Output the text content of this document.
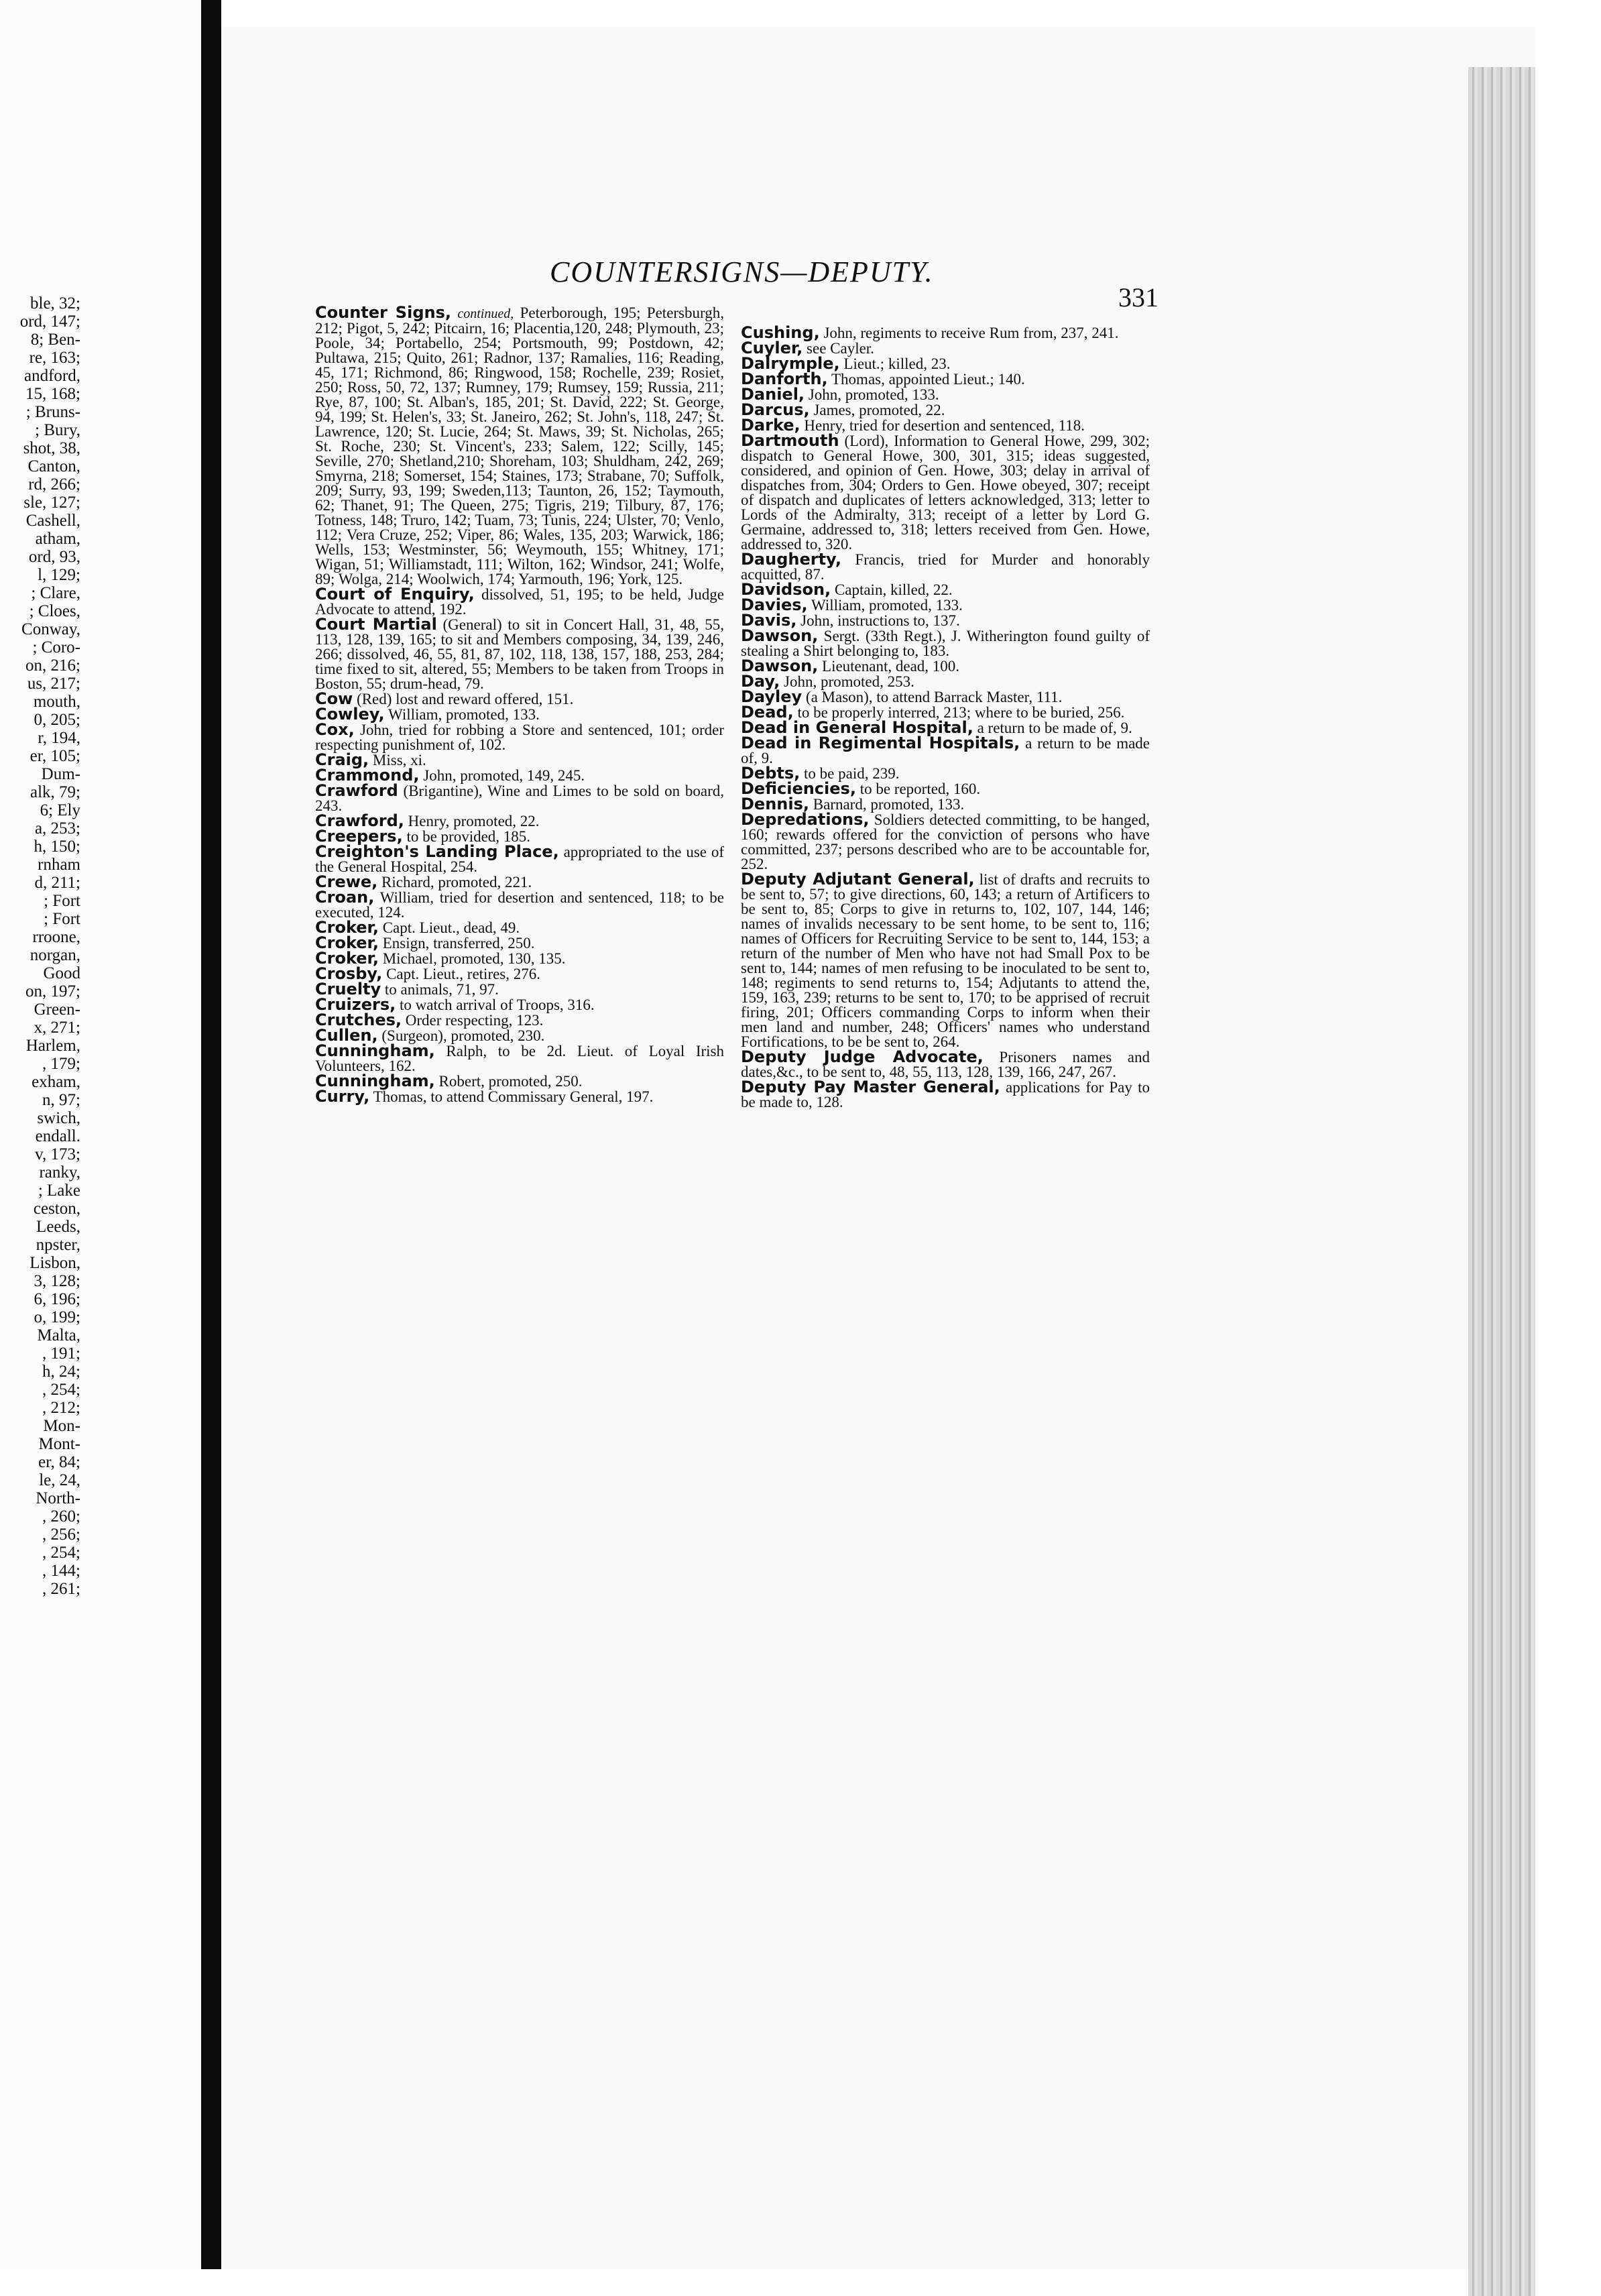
ble, 32;
ord, 147;
8; Ben-
re, 163;
andford,
15, 168;
; Bruns-
; Bury,
shot, 38,
Canton,
rd, 266;
sle, 127;
Cashell,
atham,
ord, 93,
l, 129;
; Clare,
; Cloes,
Conway,
; Coro-
on, 216;
us, 217;
mouth,
0, 205;
r, 194,
er, 105;
Dum-
alk, 79;
6; Ely
a, 253;
h, 150;
rnham
d, 211;
; Fort
; Fort
rroone,
norgan,
Good
on, 197;
Green-
x, 271;
Harlem,
, 179;
exham,
n, 97;
swich,
endall.
v, 173;
ranky,
; Lake
ceston,
Leeds,
npster,
Lisbon,
3, 128;
6, 196;
o, 199;
Malta,
, 191;
h, 24;
, 254;
, 212;
Mon-
Mont-
er, 84;
le, 24,
North-
, 260;
, 256;
, 254;
, 144;
, 261;
COUNTERSIGNS—DEPUTY.
331
Counter Signs, continued, Peterborough, 195; Petersburgh, 212; Pigot, 5, 242; Pitcairn, 16; Placentia,120, 248; Plymouth, 23; Poole, 34; Portabello, 254; Portsmouth, 99; Postdown, 42; Pultawa, 215; Quito, 261; Radnor, 137; Ramalies, 116; Reading, 45, 171; Richmond, 86; Ringwood, 158; Rochelle, 239; Rosiet, 250; Ross, 50, 72, 137; Rumney, 179; Rumsey, 159; Russia, 211; Rye, 87, 100; St. Alban's, 185, 201; St. David, 222; St. George, 94, 199; St. Helen's, 33; St. Janeiro, 262; St. John's, 118, 247; St. Lawrence, 120; St. Lucie, 264; St. Maws, 39; St. Nicholas, 265; St. Roche, 230; St. Vincent's, 233; Salem, 122; Scilly, 145; Seville, 270; Shetland,210; Shoreham, 103; Shuldham, 242, 269; Smyrna, 218; Somerset, 154; Staines, 173; Strabane, 70; Suffolk, 209; Surry, 93, 199; Sweden,113; Taunton, 26, 152; Taymouth, 62; Thanet, 91; The Queen, 275; Tigris, 219; Tilbury, 87, 176; Totness, 148; Truro, 142; Tuam, 73; Tunis, 224; Ulster, 70; Venlo, 112; Vera Cruze, 252; Viper, 86; Wales, 135, 203; Warwick, 186; Wells, 153; Westminster, 56; Weymouth, 155; Whitney, 171; Wigan, 51; Williamstadt, 111; Wilton, 162; Windsor, 241; Wolfe, 89; Wolga, 214; Woolwich, 174; Yarmouth, 196; York, 125.
Court of Enquiry, dissolved, 51, 195; to be held, Judge Advocate to attend, 192.
Court Martial (General) to sit in Concert Hall, 31, 48, 55, 113, 128, 139, 165; to sit and Members composing, 34, 139, 246, 266; dissolved, 46, 55, 81, 87, 102, 118, 138, 157, 188, 253, 284; time fixed to sit, altered, 55; Members to be taken from Troops in Boston, 55; drum-head, 79.
Cow (Red) lost and reward offered, 151.
Cowley, William, promoted, 133.
Cox, John, tried for robbing a Store and sentenced, 101; order respecting punishment of, 102.
Craig, Miss, xi.
Crammond, John, promoted, 149, 245.
Crawford (Brigantine), Wine and Limes to be sold on board, 243.
Crawford, Henry, promoted, 22.
Creepers, to be provided, 185.
Creighton's Landing Place, appropriated to the use of the General Hospital, 254.
Crewe, Richard, promoted, 221.
Croan, William, tried for desertion and sentenced, 118; to be executed, 124.
Croker, Capt. Lieut., dead, 49.
Croker, Ensign, transferred, 250.
Croker, Michael, promoted, 130, 135.
Crosby, Capt. Lieut., retires, 276.
Cruelty to animals, 71, 97.
Cruizers, to watch arrival of Troops, 316.
Crutches, Order respecting, 123.
Cullen, (Surgeon), promoted, 230.
Cunningham, Ralph, to be 2d. Lieut. of Loyal Irish Volunteers, 162.
Cunningham, Robert, promoted, 250.
Curry, Thomas, to attend Commissary General, 197.
Cushing, John, regiments to receive Rum from, 237, 241.
Cuyler, see Cayler.
Dalrymple, Lieut.; killed, 23.
Danforth, Thomas, appointed Lieut.; 140.
Daniel, John, promoted, 133.
Darcus, James, promoted, 22.
Darke, Henry, tried for desertion and sentenced, 118.
Dartmouth (Lord), Information to General Howe, 299, 302; dispatch to General Howe, 300, 301, 315; ideas suggested, considered, and opinion of Gen. Howe, 303; delay in arrival of dispatches from, 304; Orders to Gen. Howe obeyed, 307; receipt of dispatch and duplicates of letters acknowledged, 313; letter to Lords of the Admiralty, 313; receipt of a letter by Lord G. Germaine, addressed to, 318; letters received from Gen. Howe, addressed to, 320.
Daugherty, Francis, tried for Murder and honorably acquitted, 87.
Davidson, Captain, killed, 22.
Davies, William, promoted, 133.
Davis, John, instructions to, 137.
Dawson, Sergt. (33th Regt.), J. Witherington found guilty of stealing a Shirt belonging to, 183.
Dawson, Lieutenant, dead, 100.
Day, John, promoted, 253.
Dayley (a Mason), to attend Barrack Master, 111.
Dead, to be properly interred, 213; where to be buried, 256.
Dead in General Hospital, a return to be made of, 9.
Dead in Regimental Hospitals, a return to be made of, 9.
Debts, to be paid, 239.
Deficiencies, to be reported, 160.
Dennis, Barnard, promoted, 133.
Depredations, Soldiers detected committing, to be hanged, 160; rewards offered for the conviction of persons who have committed, 237; persons described who are to be accountable for, 252.
Deputy Adjutant General, list of drafts and recruits to be sent to, 57; to give directions, 60, 143; a return of Artificers to be sent to, 85; Corps to give in returns to, 102, 107, 144, 146; names of invalids necessary to be sent home, to be sent to, 116; names of Officers for Recruiting Service to be sent to, 144, 153; a return of the number of Men who have not had Small Pox to be sent to, 144; names of men refusing to be inoculated to be sent to, 148; regiments to send returns to, 154; Adjutants to attend the, 159, 163, 239; returns to be sent to, 170; to be apprised of recruit firing, 201; Officers commanding Corps to inform when their men land and number, 248; Officers' names who understand Fortifications, to be be sent to, 264.
Deputy Judge Advocate, Prisoners names and dates,&c., to be sent to, 48, 55, 113, 128, 139, 166, 247, 267.
Deputy Pay Master General, applications for Pay to be made to, 128.
